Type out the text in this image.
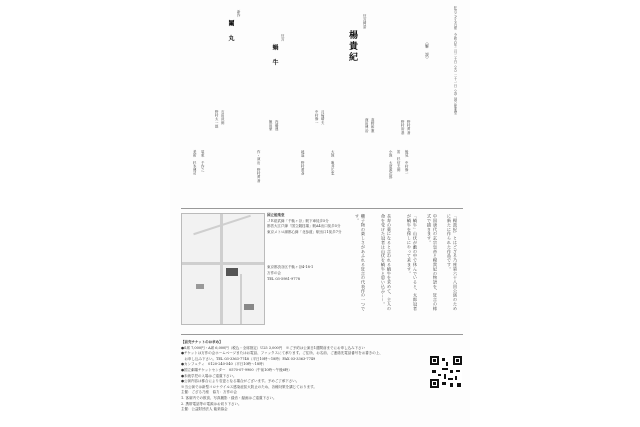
狂言ござる乃座　令和六年二月二十日（火）二十一日（水）国立能楽堂
〈解　説〉
楊貴紀
狂言綺語
蝸　牛
狂言
鬮　丸
新作
野村萬斎
野村裕基
高野和憲
深田博治
月崎晴夫
中村修一
内藤連
飯田豪
石田淡朗
野村太一郎
後見　中村修一
笛　杉信太朗
小鼓　大倉源次郎
大鼓　亀井広忠
地謡　野村萬斎
作・演出　野村萬斎
装束　千作之
美術　杉本博司
「楊貴紀」とはござる乃座第六十八回公演のために新たに作られた作品です。
中国唐代の玄宗皇帝と楊貴妃の物語を、狂言の様式で描きます。
「蝸牛」山伏が藪の中で休んでいると、太郎冠者が蝸牛を探しにやって来ます。
長寿の薬になると言われる蝸牛を求めて、主人の命を受けた冠者は山伏を蝸牛と思い込み……。
囃子物の楽しさがあふれる狂言の代表作の一つです。
国立能楽堂
ＪＲ総武線「千駄ヶ谷」駅下車徒歩5分
都営大江戸線「国立競技場」駅A4出口徒歩5分
東京メトロ副都心線「北参道」駅出口1徒歩7分
東京都渋谷区千駄ヶ谷4-18-1
万作の会
TEL 03-5981-9778
【前売チケットのお求め】
●S席 7,000円・A席 6,000円（税込・全席指定）U25 3,000円　※ご予約は公演日1週間前までにお申し込み下さい
●チケットは万作の会ホームページまたはお電話、ファックスにて承ります。ご住所、お名前、ご連絡先電話番号をお書きの上、
　お申し込み下さい。TEL 03-3363-7748（平日10時〜18時）FAX 03-3363-7749
●カンフェティ　0120-240-540（平日10時〜18時）
●国立劇場チケットセンター　0570-07-9900（午前10時〜午後6時）
●未就学児の入場はご遠慮下さい。
●公演内容は都合により変更となる場合がございます。予めご了承下さい。
※当公演では新型コロナウイルス感染症拡大防止のため、各種対策を講じております。
主催：ござる乃座　協力：万作の会
1. 客席内での飲食、写真撮影・録音・録画はご遠慮下さい。
2. 携帯電話等の電源はお切り下さい。
主催：公益財団法人 能楽協会
